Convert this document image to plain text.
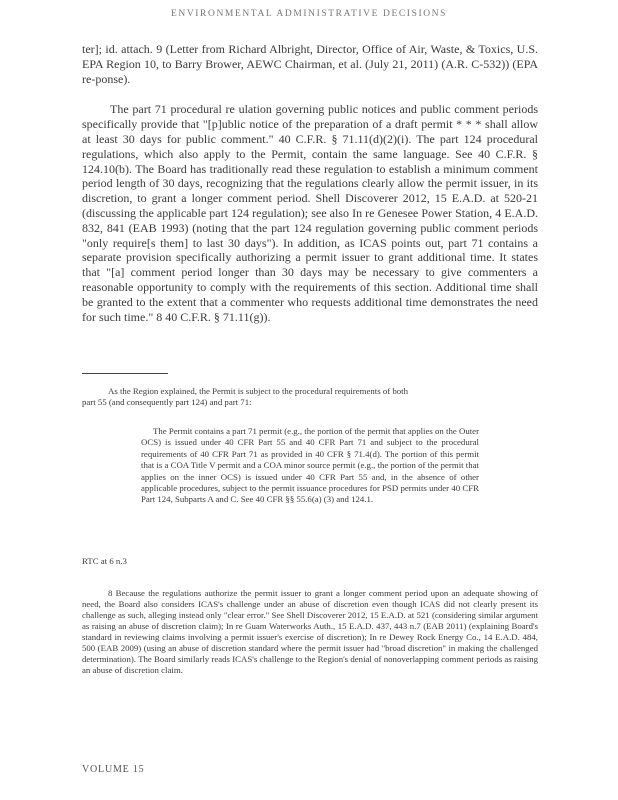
ENVIRONMENTAL ADMINISTRATIVE DECISIONS

ter]; id. attach. 9 (Letter from Richard Albright, Director, Office of Air, Waste, & Toxics, U.S. EPA Region 10, to Barry Brower, AEWC Chairman, et al. (July 21, 2011) (A.R. C-532)) (EPA re-ponse).

The part 71 procedural re ulation governing public notices and public comment periods specifically provide that "[p]ublic notice of the preparation of a draft permit * * * shall allow at least 30 days for public comment." 40 C.F.R. § 71.11(d)(2)(i). The part 124 procedural regulations, which also apply to the Permit, contain the same language. See 40 C.F.R. § 124.10(b). The Board has traditionally read these regulation to establish a minimum comment period length of 30 days, recognizing that the regulations clearly allow the permit issuer, in its discretion, to grant a longer comment period. Shell Discoverer 2012, 15 E.A.D. at 520-21 (discussing the applicable part 124 regulation); see also In re Genesee Power Station, 4 E.A.D. 832, 841 (EAB 1993) (noting that the part 124 regulation governing public comment periods "only require[s them] to last 30 days"). In addition, as ICAS points out, part 71 contains a separate provision specifically authorizing a permit issuer to grant additional time. It states that "[a] comment period longer than 30 days may be necessary to give commenters a reasonable opportunity to comply with the requirements of this section. Additional time shall be granted to the extent that a commenter who requests additional time demonstrates the need for such time." 8 40 C.F.R. § 71.11(g)).

As the Region explained, the Permit is subject to the procedural requirements of both

part 55 (and consequently part 124) and part 71:

The Permit contains a part 71 permit (e.g., the portion of the permit that applies on the Outer OCS) is issued under 40 CFR Part 55 and 40 CFR Part 71 and subject to the procedural requirements of 40 CFR Part 71 as provided in 40 CFR § 71.4(d). The portion of this permit that is a COA Title V permit and a COA minor source permit (e.g., the portion of the permit that applies on the inner OCS) is issued under 40 CFR Part 55 and, in the absence of other applicable procedures, subject to the permit issuance procedures for PSD permits under 40 CFR Part 124, Subparts A and C. See 40 CFR §§ 55.6(a) (3) and 124.1.

RTC at 6 n.3

8 Because the regulations authorize the permit issuer to grant a longer comment period upon an adequate showing of need, the Board also considers ICAS's challenge under an abuse of discretion even though ICAS did not clearly present its challenge as such, alleging instead only "clear error." See Shell Discoverer 2012, 15 E.A.D. at 521 (considering similar argument as raising an abuse of discretion claim); In re Guam Waterworks Auth., 15 E.A.D. 437, 443 n.7 (EAB 2011) (explaining Board's standard in reviewing claims involving a permit issuer's exercise of discretion); In re Dewey Rock Energy Co., 14 E.A.D. 484, 500 (EAB 2009) (using an abuse of discretion standard where the permit issuer had "broad discretion" in making the challenged determination). The Board similarly reads ICAS's challenge to the Region's denial of nonoverlapping comment periods as raising an abuse of discretion claim.

VOLUME 15
